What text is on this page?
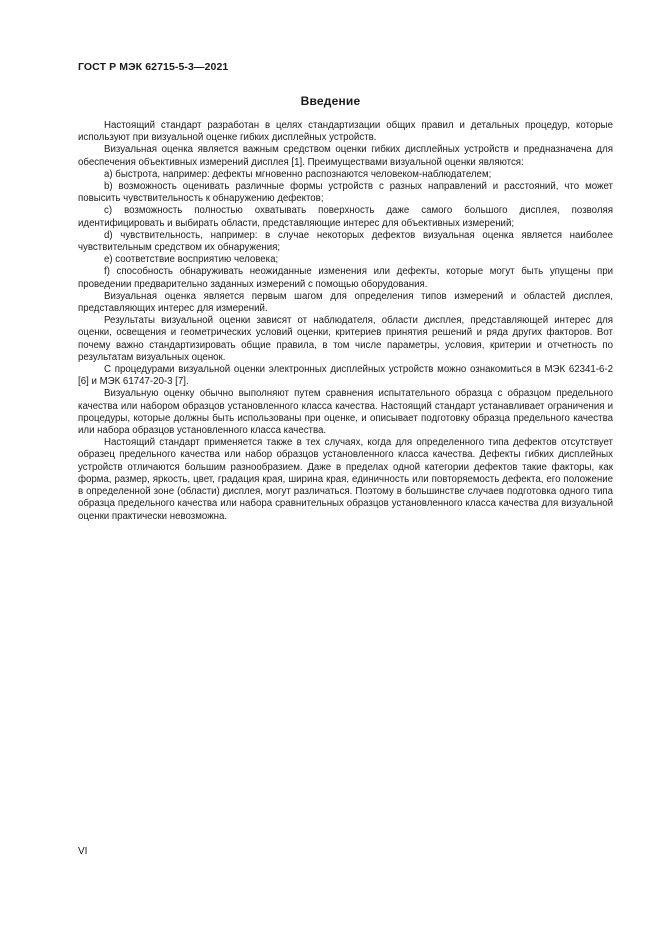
ГОСТ Р МЭК 62715-5-3—2021
Введение

Настоящий стандарт разработан в целях стандартизации общих правил и детальных процедур, которые используют при визуальной оценке гибких дисплейных устройств.

Визуальная оценка является важным средством оценки гибких дисплейных устройств и предназначена для обеспечения объективных измерений дисплея [1]. Преимуществами визуальной оценки являются:

а) быстрота, например: дефекты мгновенно распознаются человеком-наблюдателем;

b) возможность оценивать различные формы устройств с разных направлений и расстояний, что может повысить чувствительность к обнаружению дефектов;

с) возможность полностью охватывать поверхность даже самого большого дисплея, позволяя идентифицировать и выбирать области, представляющие интерес для объективных измерений;

d) чувствительность, например: в случае некоторых дефектов визуальная оценка является наиболее чувствительным средством их обнаружения;

е) соответствие восприятию человека;

f) способность обнаруживать неожиданные изменения или дефекты, которые могут быть упущены при проведении предварительно заданных измерений с помощью оборудования.

Визуальная оценка является первым шагом для определения типов измерений и областей дисплея, представляющих интерес для измерений.

Результаты визуальной оценки зависят от наблюдателя, области дисплея, представляющей интерес для оценки, освещения и геометрических условий оценки, критериев принятия решений и ряда других факторов. Вот почему важно стандартизировать общие правила, в том числе параметры, условия, критерии и отчетность по результатам визуальных оценок.

С процедурами визуальной оценки электронных дисплейных устройств можно ознакомиться в МЭК 62341-6-2 [6] и МЭК 61747-20-3 [7].

Визуальную оценку обычно выполняют путем сравнения испытательного образца с образцом предельного качества или набором образцов установленного класса качества. Настоящий стандарт устанавливает ограничения и процедуры, которые должны быть использованы при оценке, и описывает подготовку образца предельного качества или набора образцов установленного класса качества.

Настоящий стандарт применяется также в тех случаях, когда для определенного типа дефектов отсутствует образец предельного качества или набор образцов установленного класса качества. Дефекты гибких дисплейных устройств отличаются большим разнообразием. Даже в пределах одной категории дефектов такие факторы, как форма, размер, яркость, цвет, градация края, ширина края, единичность или повторяемость дефекта, его положение в определенной зоне (области) дисплея, могут различаться. Поэтому в большинстве случаев подготовка одного типа образца предельного качества или набора сравнительных образцов установленного класса качества для визуальной оценки практически невозможна.

VI
